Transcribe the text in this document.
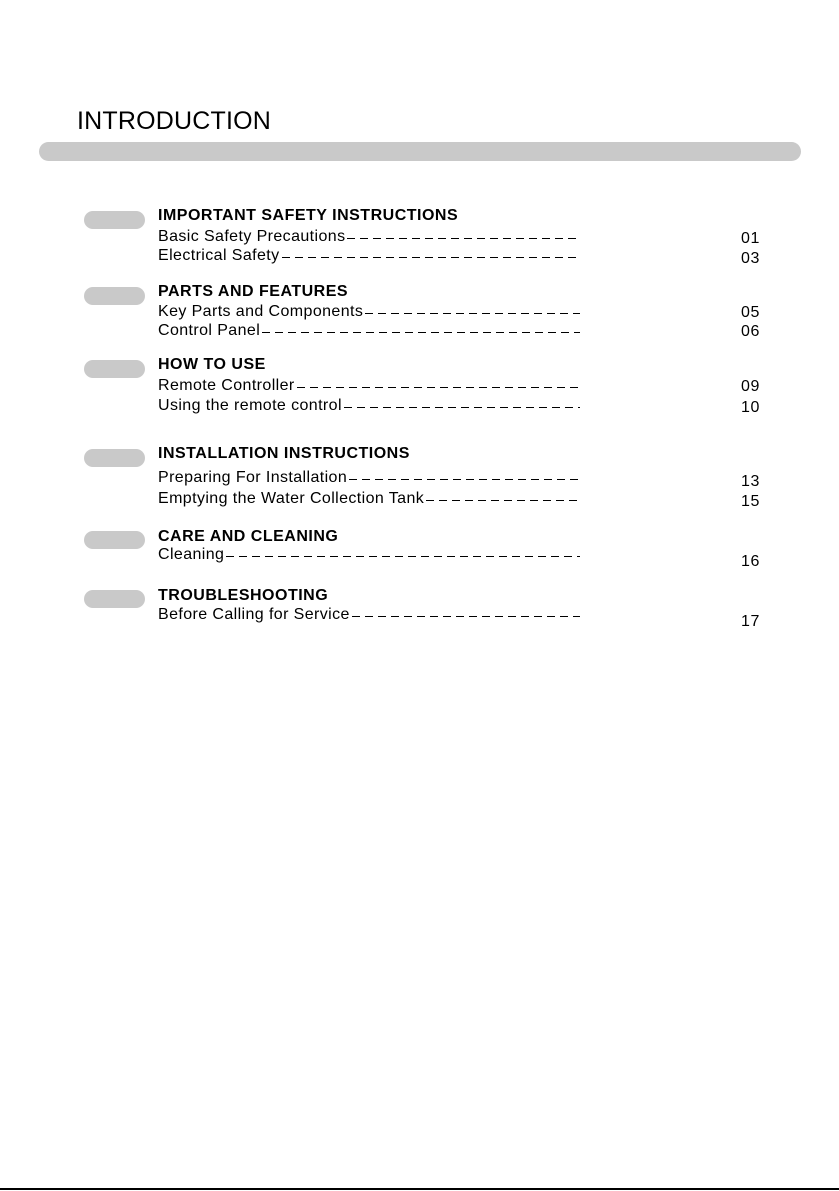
INTRODUCTION
IMPORTANT SAFETY INSTRUCTIONS
Basic Safety Precautions	01
Electrical Safety	03
PARTS AND FEATURES
Key Parts and Components	05
Control Panel	06
HOW TO USE
Remote Controller	09
Using the remote control	10
INSTALLATION INSTRUCTIONS
Preparing For Installation	13
Emptying the Water Collection Tank	15
CARE AND CLEANING
Cleaning	16
TROUBLESHOOTING
Before Calling for Service	17
